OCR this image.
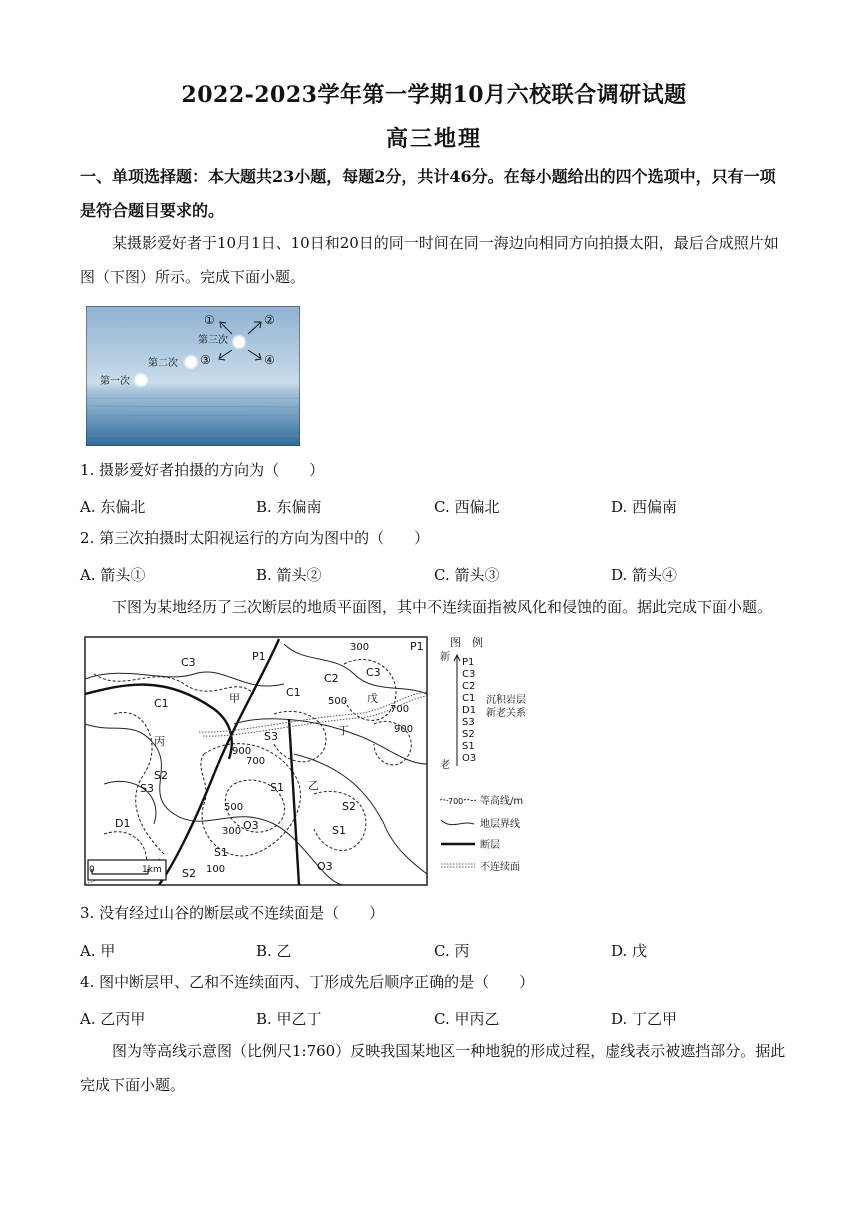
2022-2023学年第一学期10月六校联合调研试题
高三地理
一、单项选择题：本大题共23小题，每题2分，共计46分。在每小题给出的四个选项中，只有一项是符合题目要求的。
某摄影爱好者于10月1日、10日和20日的同一时间在同一海边向相同方向拍摄太阳，最后合成照片如图（下图）所示。完成下面小题。
第一次
第二次
第三次
①	②
③	④
1. 摄影爱好者拍摄的方向为（　　）
A. 东偏北	B. 东偏南	C. 西偏北	D. 西偏南
2. 第三次拍摄时太阳视运行的方向为图中的（　　）
A. 箭头①	B. 箭头②	C. 箭头③	D. 箭头④
下图为某地经历了三次断层的地质平面图，其中不连续面指被风化和侵蚀的面。据此完成下面小题。
C3	P1
C1
C2 C3
戊
C1	甲
丙	S3
S2
S3	S1 乙
S2
S1
丁
D1	O3
S1
S2
O3
P1
300
500
700
900
900
700
500
300
100
0	1km
图　例
新
老
P1
C3
C2
C1
D1
S3
S2
S1
O3
沉积岩层
新老关系
700 等高线/m
地层界线
断层
不连续面
3. 没有经过山谷的断层或不连续面是（　　）
A. 甲	B. 乙	C. 丙	D. 戊
4. 图中断层甲、乙和不连续面丙、丁形成先后顺序正确的是（　　）
A. 乙丙甲	B. 甲乙丁	C. 甲丙乙	D. 丁乙甲
图为等高线示意图（比例尺1:760）反映我国某地区一种地貌的形成过程，虚线表示被遮挡部分。据此完成下面小题。
